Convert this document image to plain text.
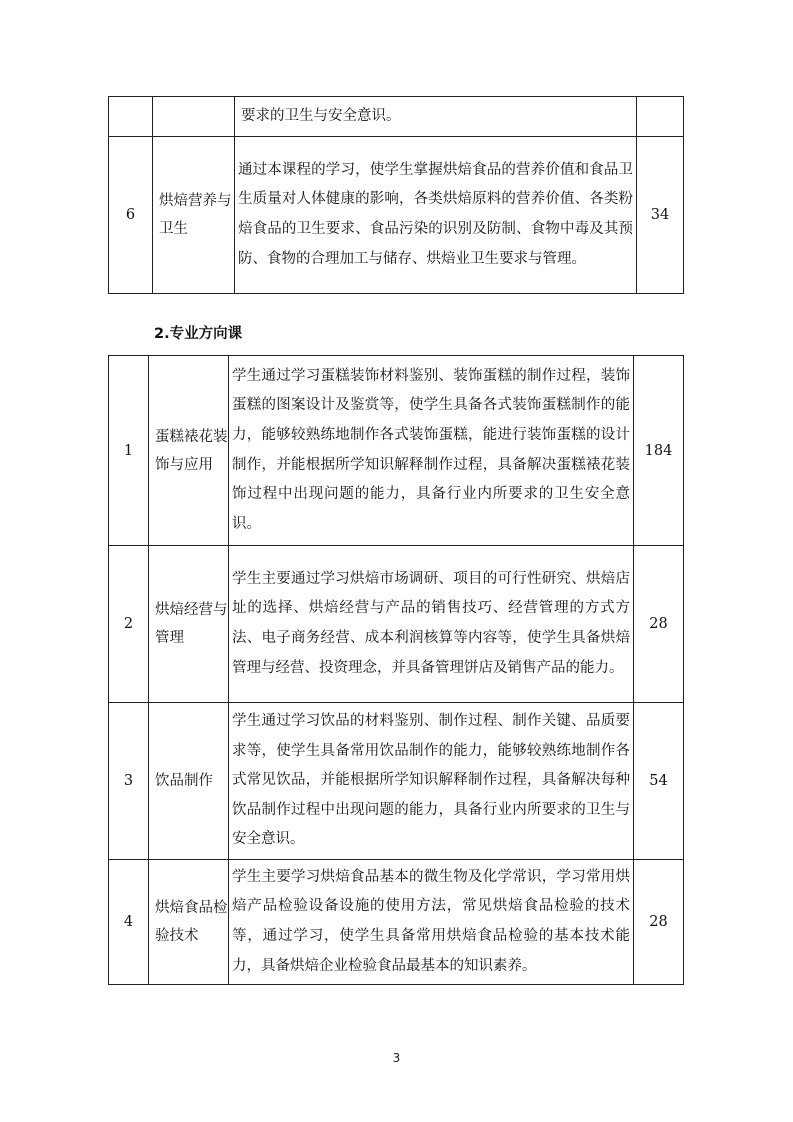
		要求的卫生与安全意识。	
6	烘焙营养与卫生	通过本课程的学习，使学生掌握烘焙食品的营养价值和食品卫生质量对人体健康的影响，各类烘焙原料的营养价值、各类粉焙食品的卫生要求、食品污染的识别及防制、食物中毒及其预防、食物的合理加工与储存、烘焙业卫生要求与管理。	34
2.专业方向课
1	蛋糕裱花装饰与应用	学生通过学习蛋糕装饰材料鉴别、装饰蛋糕的制作过程，装饰蛋糕的图案设计及鉴赏等，使学生具备各式装饰蛋糕制作的能力，能够较熟练地制作各式装饰蛋糕，能进行装饰蛋糕的设计制作，并能根据所学知识解释制作过程，具备解决蛋糕裱花装饰过程中出现问题的能力，具备行业内所要求的卫生安全意识。	184
2	烘焙经营与管理	学生主要通过学习烘焙市场调研、项目的可行性研究、烘焙店址的选择、烘焙经营与产品的销售技巧、经营管理的方式方法、电子商务经营、成本利润核算等内容等，使学生具备烘焙管理与经营、投资理念，并具备管理饼店及销售产品的能力。	28
3	饮品制作	学生通过学习饮品的材料鉴别、制作过程、制作关键、品质要求等，使学生具备常用饮品制作的能力，能够较熟练地制作各式常见饮品，并能根据所学知识解释制作过程，具备解决每种饮品制作过程中出现问题的能力，具备行业内所要求的卫生与安全意识。	54
4	烘焙食品检验技术	学生主要学习烘焙食品基本的微生物及化学常识，学习常用烘焙产品检验设备设施的使用方法，常见烘焙食品检验的技术等，通过学习，使学生具备常用烘焙食品检验的基本技术能力，具备烘焙企业检验食品最基本的知识素养。	28
3
